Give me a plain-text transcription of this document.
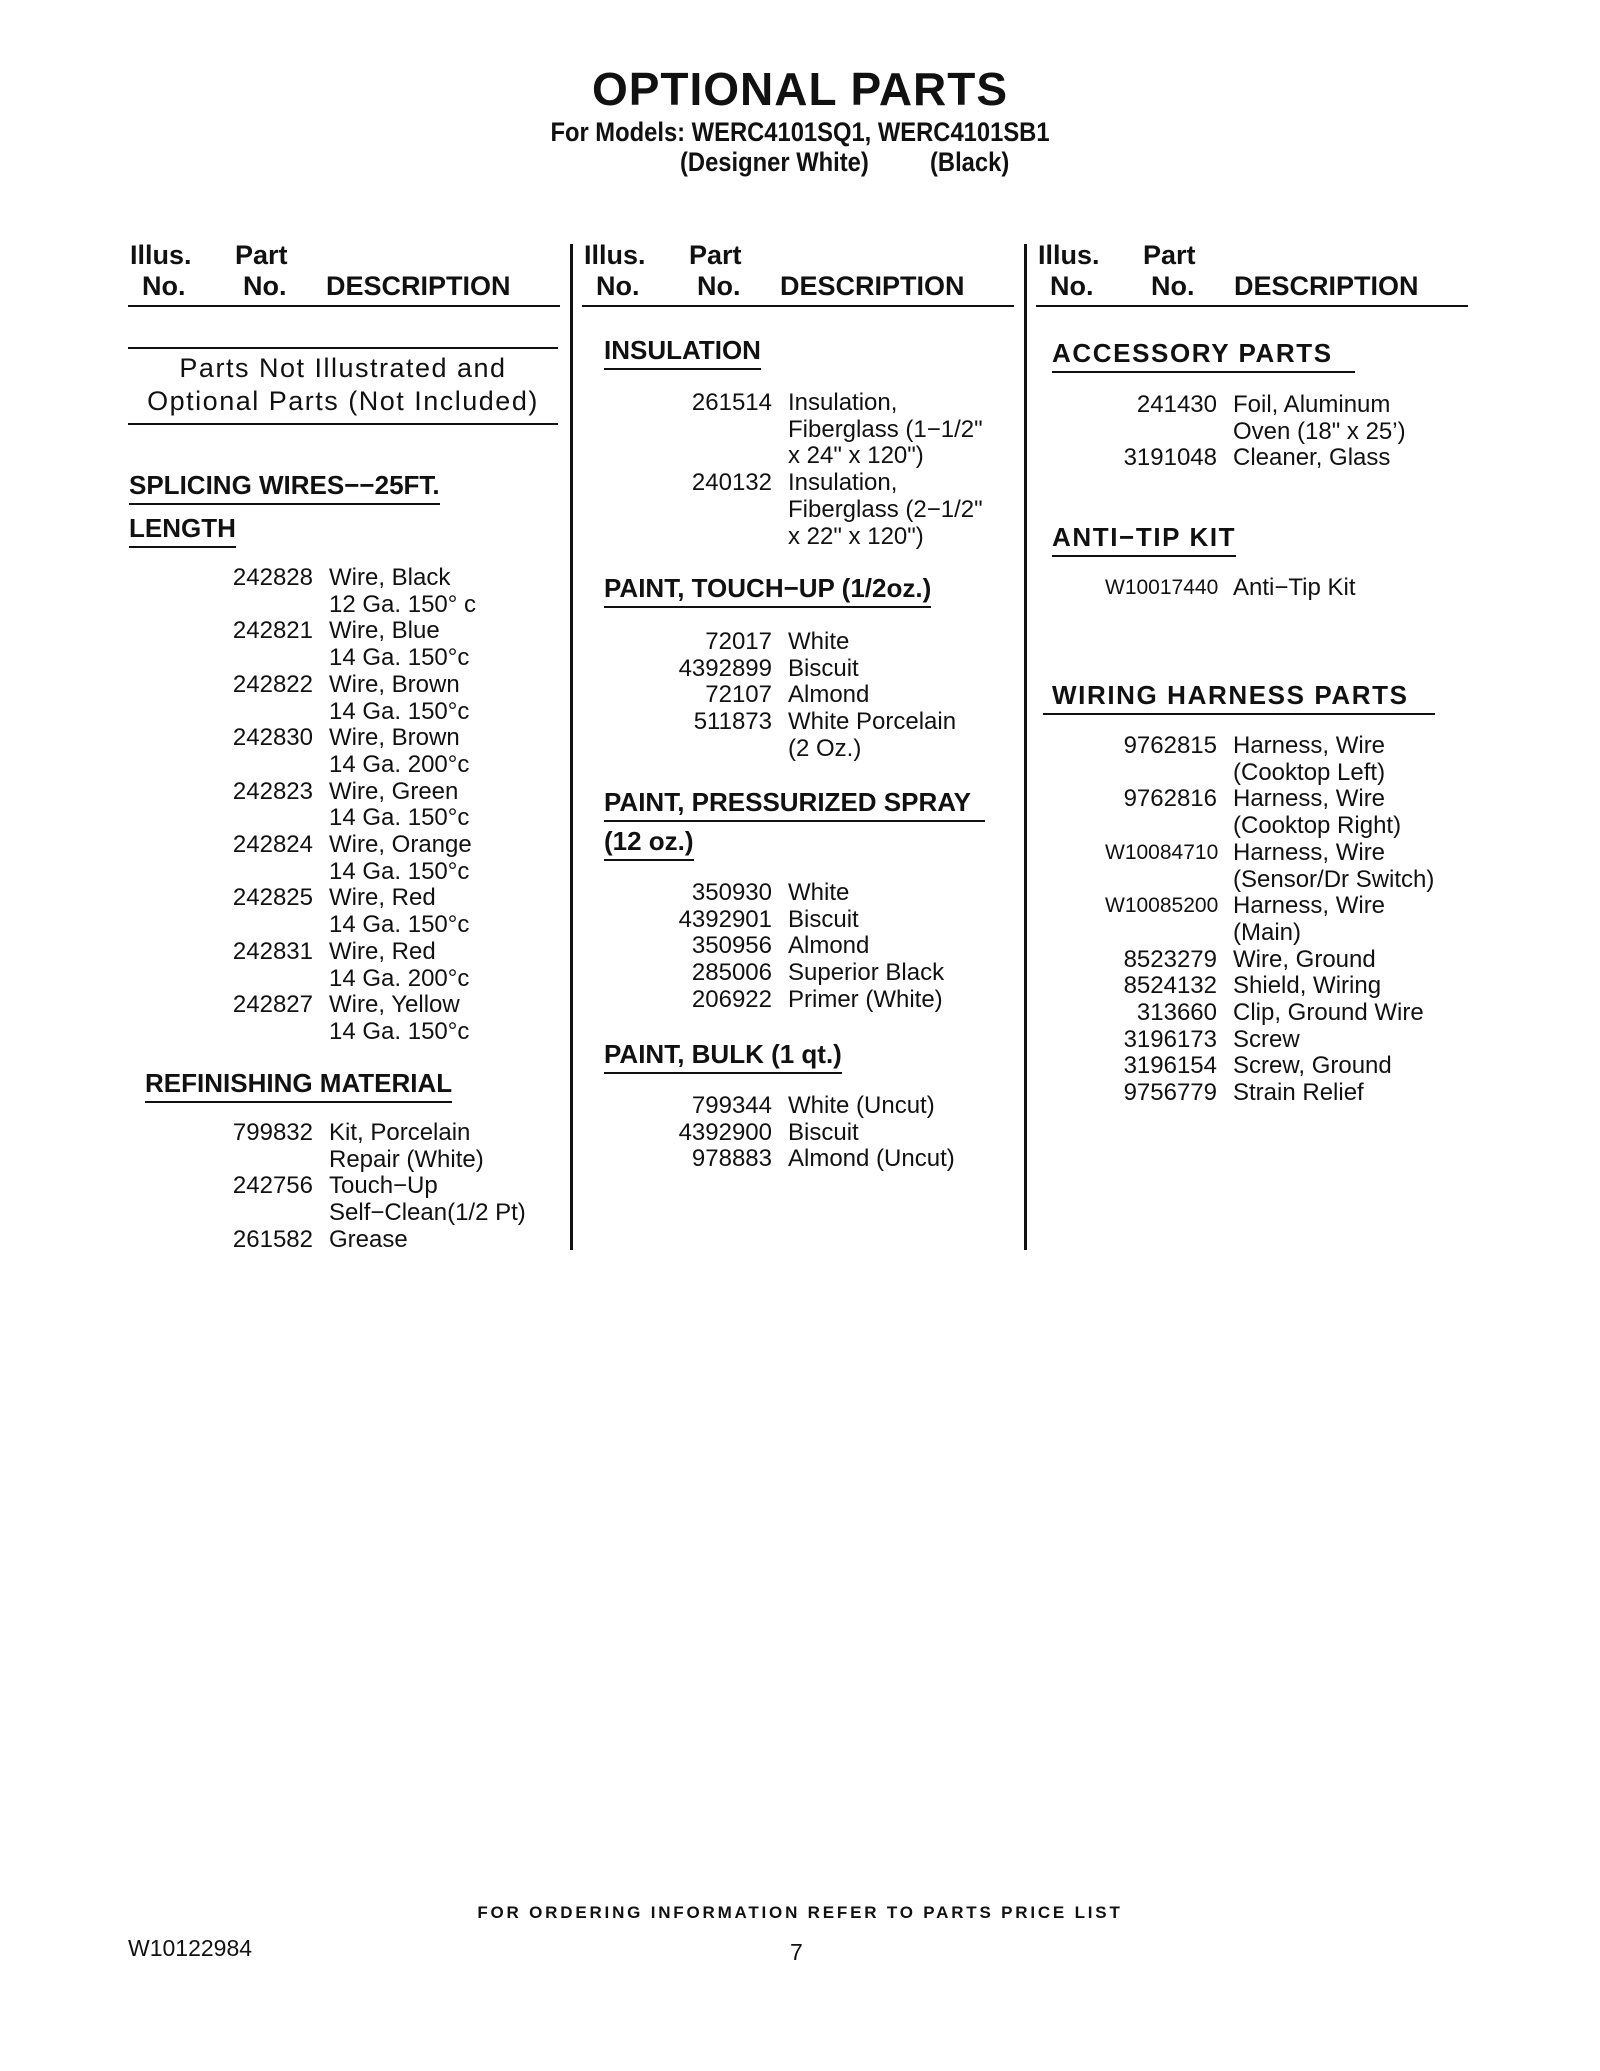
OPTIONAL PARTS
For Models: WERC4101SQ1, WERC4101SB1
(Designer White) (Black)
Illus.
No.
Part
No. DESCRIPTION
Illus.
No.
Part
No. DESCRIPTION
Illus.
No.
Part
No. DESCRIPTION
Parts Not Illustrated and
Optional Parts (Not Included)
SPLICING WIRES−−25FT.
LENGTH
242828 Wire, Black
12 Ga. 150° c
242821 Wire, Blue
14 Ga. 150°c
242822 Wire, Brown
14 Ga. 150°c
242830 Wire, Brown
14 Ga. 200°c
242823 Wire, Green
14 Ga. 150°c
242824 Wire, Orange
14 Ga. 150°c
242825 Wire, Red
14 Ga. 150°c
242831 Wire, Red
14 Ga. 200°c
242827 Wire, Yellow
14 Ga. 150°c
REFINISHING MATERIAL
799832 Kit, Porcelain
Repair (White)
242756 Touch−Up
Self−Clean(1/2 Pt)
261582 Grease
INSULATION
261514 Insulation,
Fiberglass (1−1/2"
x 24" x 120")
240132 Insulation,
Fiberglass (2−1/2"
x 22" x 120")
PAINT, TOUCH−UP (1/2oz.)
72017 White
4392899 Biscuit
72107 Almond
511873 White Porcelain
(2 Oz.)
PAINT, PRESSURIZED SPRAY
(12 oz.)
350930 White
4392901 Biscuit
350956 Almond
285006 Superior Black
206922 Primer (White)
PAINT, BULK (1 qt.)
799344 White (Uncut)
4392900 Biscuit
978883 Almond (Uncut)
ACCESSORY PARTS
241430 Foil, Aluminum
Oven (18" x 25’)
3191048 Cleaner, Glass
ANTI−TIP KIT
W10017440 Anti−Tip Kit
WIRING HARNESS PARTS
9762815 Harness, Wire
(Cooktop Left)
9762816 Harness, Wire
(Cooktop Right)
W10084710 Harness, Wire
(Sensor/Dr Switch)
W10085200 Harness, Wire
(Main)
8523279 Wire, Ground
8524132 Shield, Wiring
313660 Clip, Ground Wire
3196173 Screw
3196154 Screw, Ground
9756779 Strain Relief
FOR ORDERING INFORMATION REFER TO PARTS PRICE LIST
W10122984	7
